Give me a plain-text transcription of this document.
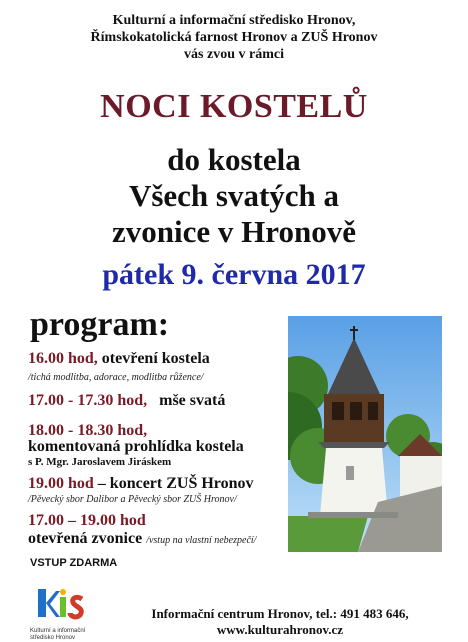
Kulturní a informační středisko Hronov,
Římskokatolická farnost Hronov a ZUŠ Hronov
vás zvou v rámci
NOCI KOSTELŮ
do kostela
Všech svatých a
zvonice v Hronově
pátek 9. června 2017
program:
16.00 hod, otevření kostela
/tichá modlitba, adorace, modlitba růžence/
17.00 - 17.30 hod,   mše svatá
18.00 - 18.30 hod,
komentovaná prohlídka kostela
s P. Mgr. Jaroslavem Jiráskem
19.00 hod – koncert ZUŠ Hronov
/Pěvecký sbor Dalibor a Pěvecký sbor ZUŠ Hronov/
17.00 – 19.00 hod
otevřená zvonice /vstup na vlastní nebezpečí/
VSTUP ZDARMA
Kulturní a informační
středisko Hronov
Informační centrum Hronov, tel.: 491 483 646,
www.kulturahronov.cz
